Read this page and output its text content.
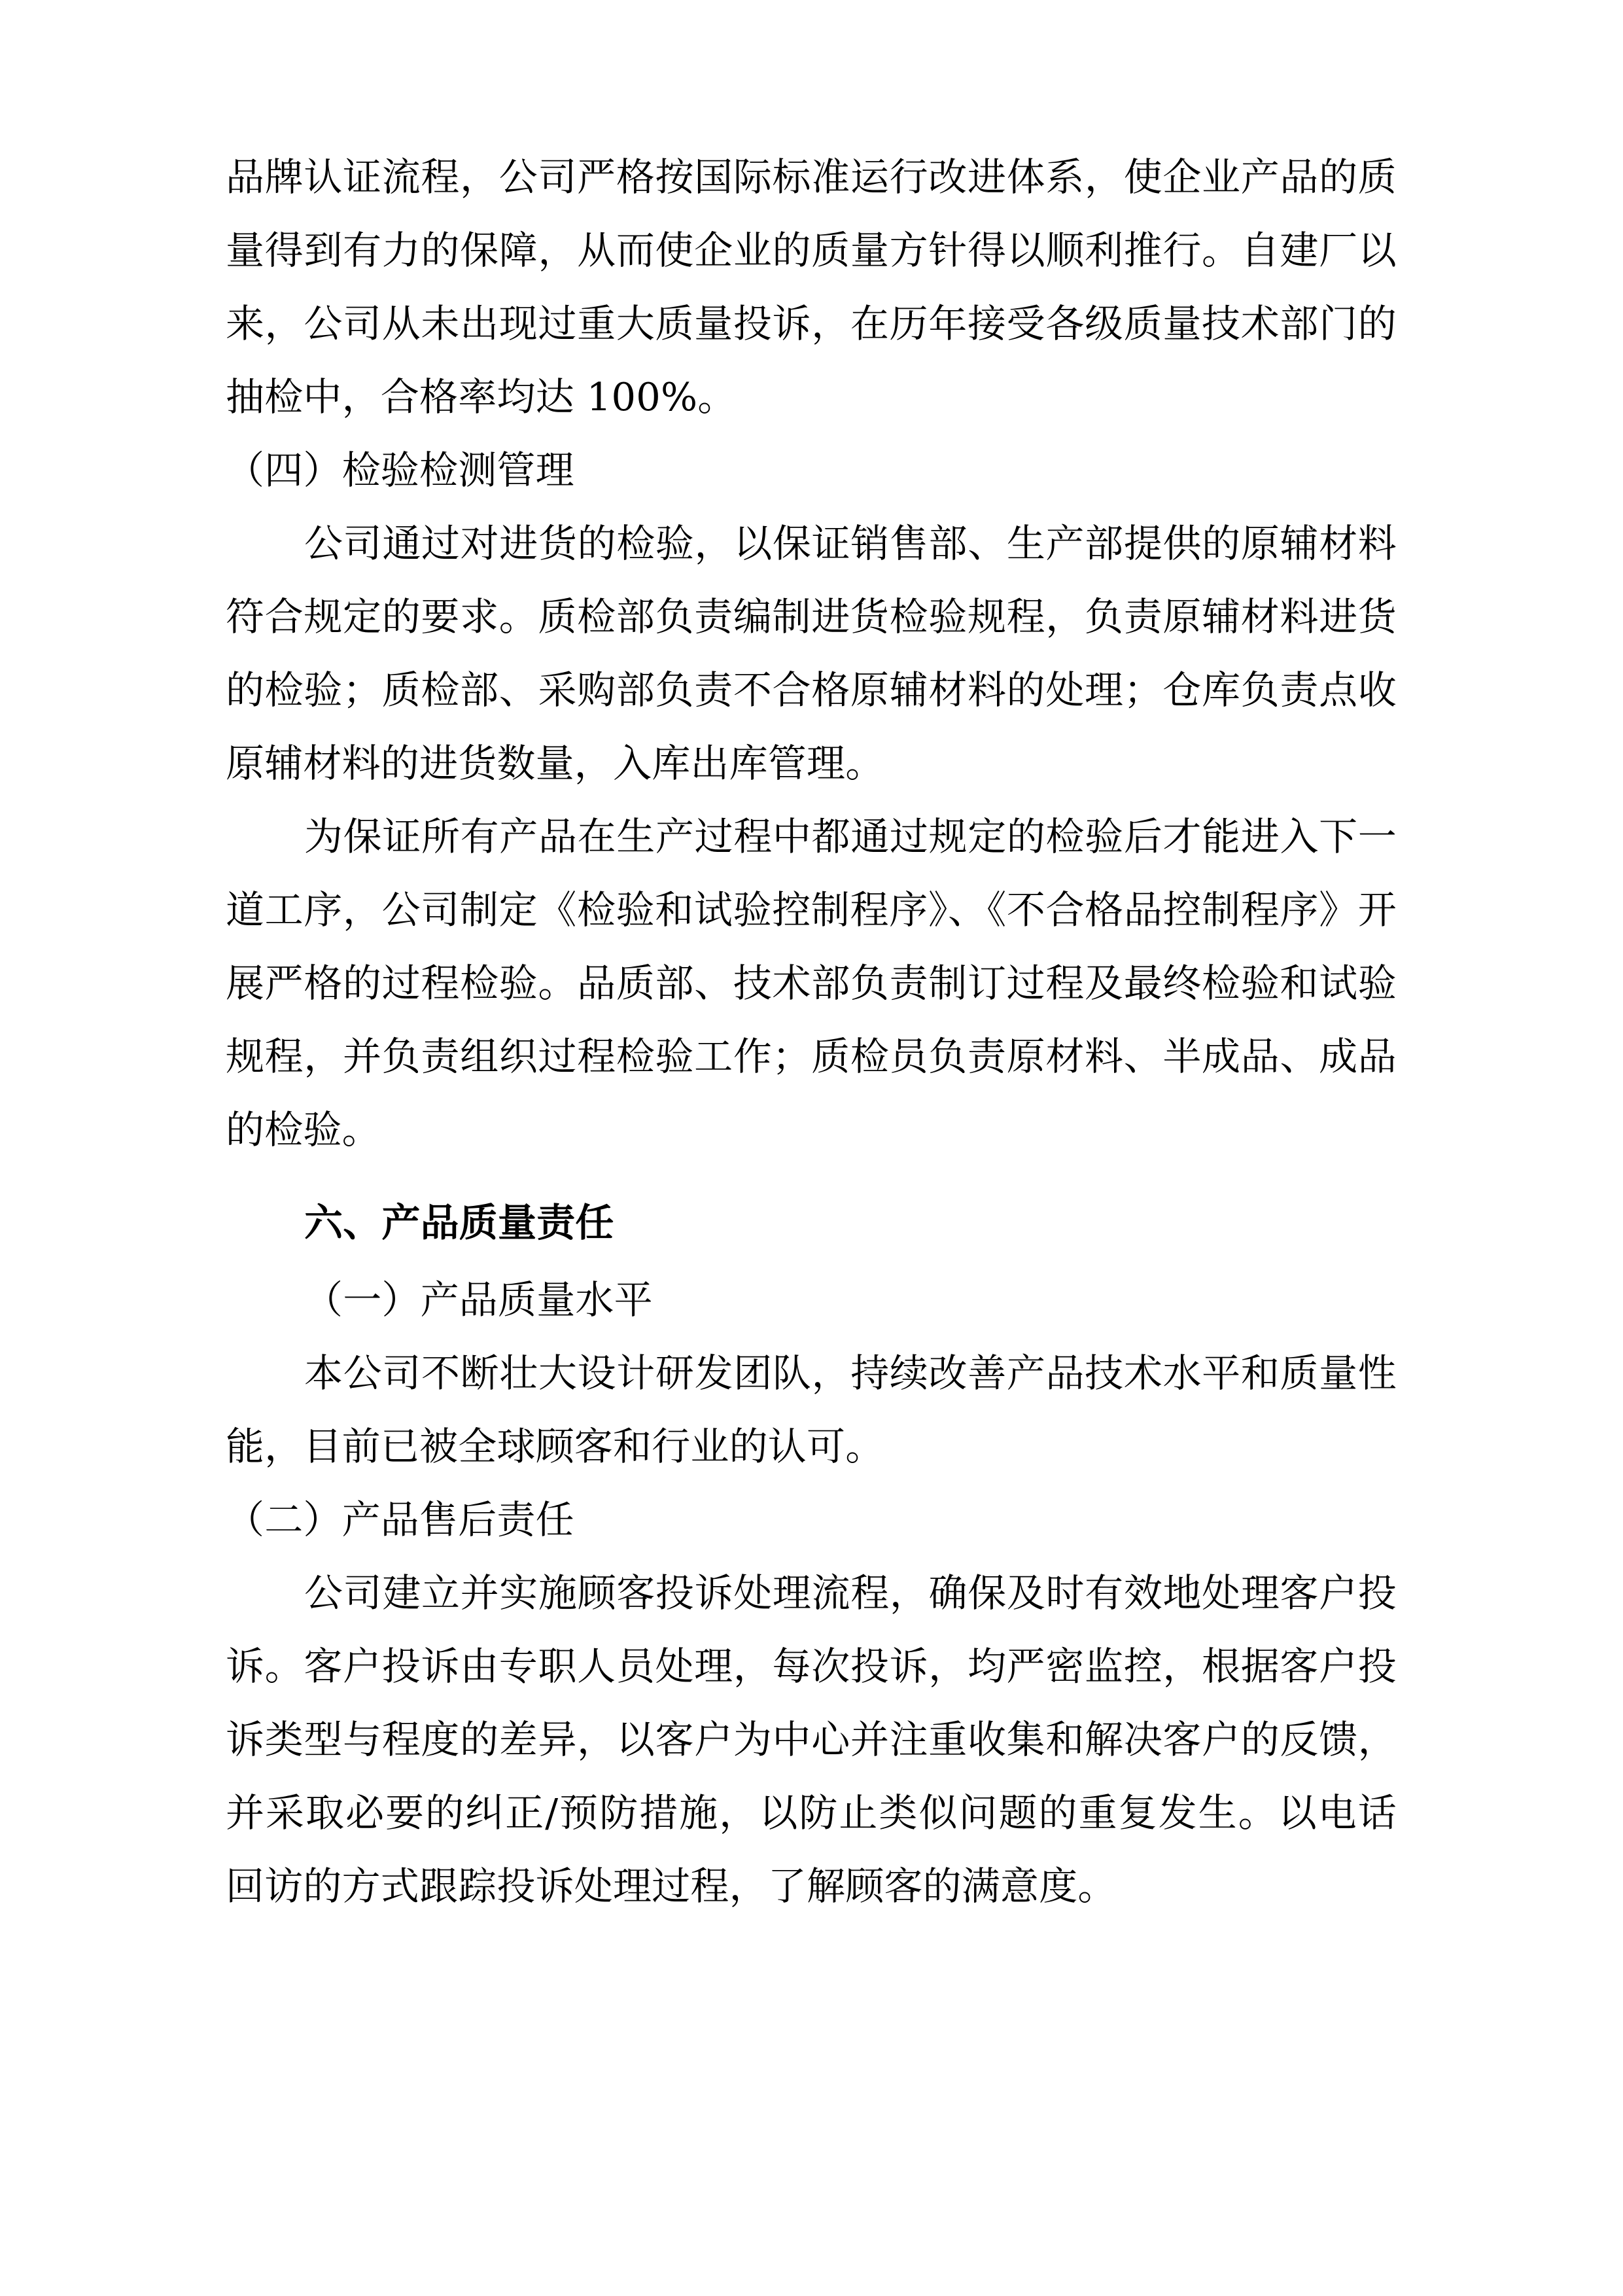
品牌认证流程，公司严格按国际标准运行改进体系，使企业产品的质量得到有力的保障，从而使企业的质量方针得以顺利推行。自建厂以来，公司从未出现过重大质量投诉，在历年接受各级质量技术部门的抽检中，合格率均达 100%。

（四）检验检测管理

公司通过对进货的检验，以保证销售部、生产部提供的原辅材料符合规定的要求。质检部负责编制进货检验规程，负责原辅材料进货的检验；质检部、采购部负责不合格原辅材料的处理；仓库负责点收原辅材料的进货数量，入库出库管理。

为保证所有产品在生产过程中都通过规定的检验后才能进入下一道工序，公司制定《检验和试验控制程序》、《不合格品控制程序》开展严格的过程检验。品质部、技术部负责制订过程及最终检验和试验规程，并负责组织过程检验工作；质检员负责原材料、半成品、成品的检验。

六、产品质量责任

（一）产品质量水平

本公司不断壮大设计研发团队，持续改善产品技术水平和质量性能，目前已被全球顾客和行业的认可。

（二）产品售后责任

公司建立并实施顾客投诉处理流程，确保及时有效地处理客户投诉。客户投诉由专职人员处理，每次投诉，均严密监控，根据客户投诉类型与程度的差异，以客户为中心并注重收集和解决客户的反馈，并采取必要的纠正/预防措施，以防止类似问题的重复发生。以电话回访的方式跟踪投诉处理过程，了解顾客的满意度。
